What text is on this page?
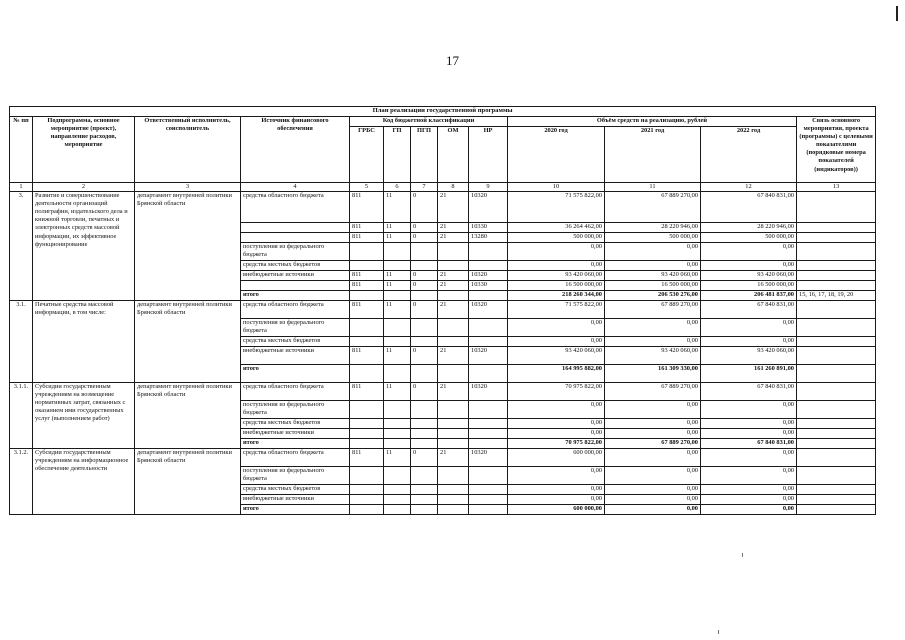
17
План реализации государственной программы												
№ пп	Подпрограмма, основное мероприятие (проект), направление расходов, мероприятие	Ответственный исполнитель, соисполнитель	Источник финансового обеспечения	Код бюджетной классификации					Объём средств на реализацию, рублей			Связь основного мероприятия, проекта (программы) с целевыми показателями (порядковые номера показателей (индикаторов))
				ГРБС	ГП	ПГП	ОМ	НР	2020 год	2021 год	2022 год	
1	2	3	4	5	6	7	8	9	10	11	12	13
3.	Развитие и совершенствование деятельности организаций полиграфии, издательского дела и книжной торговли, печатных и электронных средств массовой информации, их эффективное функционирование	департамент внутренней политики Брянской области	средства областного бюджета	811	11	0	21	10320	71 575 822,00	67 889 270,00	67 840 831,00	
				811	11	0	21	10330	36 264 462,00	28 220 946,00	28 220 946,00	
				811	11	0	21	13280	500 000,00	500 000,00	500 000,00	
			поступления из федерального бюджета						0,00	0,00	0,00	
			средства местных бюджетов						0,00	0,00	0,00	
			внебюджетные источники	811	11	0	21	10320	93 420 060,00	93 420 060,00	93 420 060,00	
				811	11	0	21	10330	16 500 000,00	16 500 000,00	16 500 000,00	
			итого						218 260 344,00	206 530 276,00	206 481 837,00	15, 16, 17, 18, 19, 20
3.1.	Печатные средства массовой информации, в том числе:	департамент внутренней политики Брянской области	средства областного бюджета	811	11	0	21	10320	71 575 822,00	67 889 270,00	67 840 831,00	
			поступления из федерального бюджета						0,00	0,00	0,00	
			средства местных бюджетов						0,00	0,00	0,00	
			внебюджетные источники	811	11	0	21	10320	93 420 060,00	93 420 060,00	93 420 060,00	
			итого						164 995 882,00	161 309 330,00	161 260 891,00	
3.1.1.	Субсидии государственным учреждениям на возмещение нормативных затрат, связанных с оказанием ими государственных услуг (выполнением работ)	департамент внутренней политики Брянской области	средства областного бюджета	811	11	0	21	10320	70 975 822,00	67 889 270,00	67 840 831,00	
			поступления из федерального бюджета						0,00	0,00	0,00	
			средства местных бюджетов						0,00	0,00	0,00	
			внебюджетные источники						0,00	0,00	0,00	
			итого						70 975 822,00	67 889 270,00	67 840 831,00	
3.1.2.	Субсидии государственным учреждениям на информационное обеспечение деятельности	департамент внутренней политики Брянской области	средства областного бюджета	811	11	0	21	10320	600 000,00	0,00	0,00	
			поступления из федерального бюджета						0,00	0,00	0,00	
			средства местных бюджетов						0,00	0,00	0,00	
			внебюджетные источники						0,00	0,00	0,00	
			итого						600 000,00	0,00	0,00	
